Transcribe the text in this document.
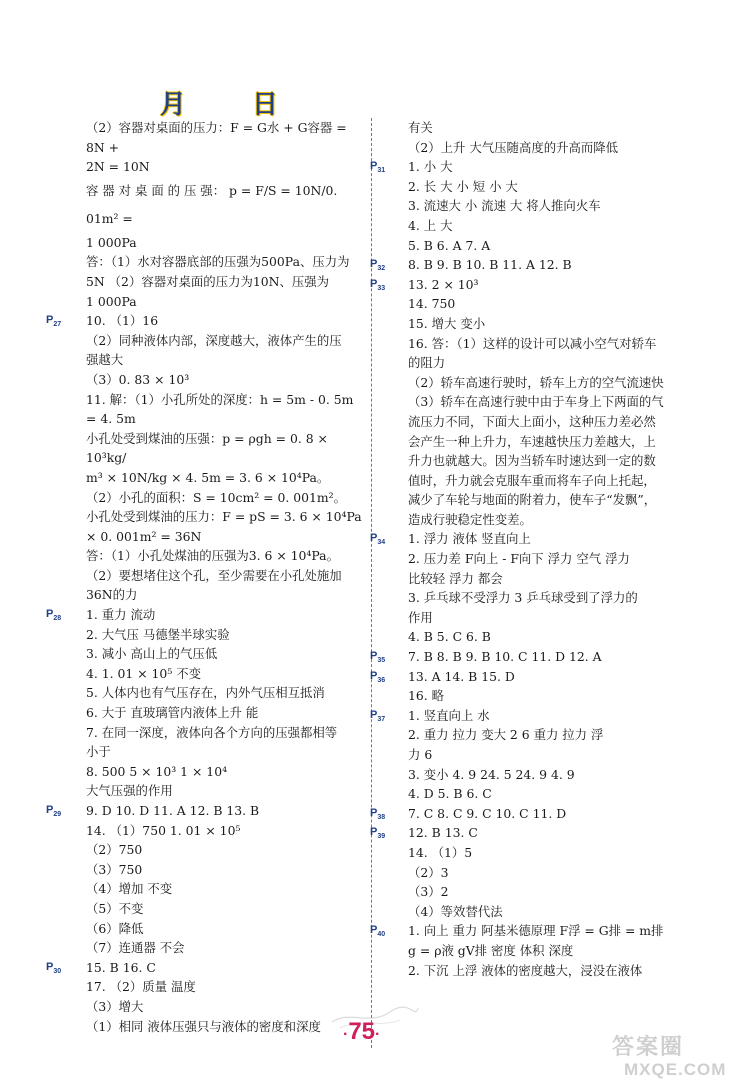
月	日
（2）容器对桌面的压力：F = G水 + G容器 = 8N +
2N = 10N
容 器 对 桌 面 的 压 强： p = F/S = 10N/0. 01m² =
1 000Pa
答：（1）水对容器底部的压强为500Pa、压力为
5N （2）容器对桌面的压力为10N、压强为
1 000Pa
$P_{27}$ 10. （1）16
（2）同种液体内部，深度越大，液体产生的压
强越大
（3）0. 83 × 10³
11. 解：（1）小孔所处的深度：h = 5m - 0. 5m
= 4. 5m
小孔处受到煤油的压强：p = ρgh = 0. 8 × 10³kg/
m³ × 10N/kg × 4. 5m = 3. 6 × 10⁴Pa。
（2）小孔的面积：S = 10cm² = 0. 001m²。
小孔处受到煤油的压力：F = pS = 3. 6 × 10⁴Pa
× 0. 001m² = 36N
答：（1）小孔处煤油的压强为3. 6 × 10⁴Pa。
（2）要想堵住这个孔，至少需要在小孔处施加
36N的力
$P_{28}$ 1. 重力 流动
2. 大气压 马德堡半球实验
3. 减小 高山上的气压低
4. 1. 01 × 10⁵ 不变
5. 人体内也有气压存在，内外气压相互抵消
6. 大于 直玻璃管内液体上升 能
7. 在同一深度，液体向各个方向的压强都相等
小于
8. 500 5 × 10³ 1 × 10⁴
大气压强的作用
$P_{29}$ 9. D 10. D 11. A 12. B 13. B
14. （1）750 1. 01 × 10⁵
（2）750
（3）750
（4）增加 不变
（5）不变
（6）降低
（7）连通器 不会
$P_{30}$ 15. B 16. C
17. （2）质量 温度
（3）增大
（1）相同 液体压强只与液体的密度和深度
有关
（2）上升 大气压随高度的升高而降低
$P_{31}$ 1. 小 大
2. 长 大 小 短 小 大
3. 流速大 小 流速 大 将人推向火车
4. 上 大
5. B 6. A 7. A
$P_{32}$ 8. B 9. B 10. B 11. A 12. B
$P_{33}$ 13. 2 × 10³
14. 750
15. 增大 变小
16. 答：（1）这样的设计可以减小空气对轿车
的阻力
（2）轿车高速行驶时，轿车上方的空气流速快
（3）轿车在高速行驶中由于车身上下两面的气
流压力不同，下面大上面小，这种压力差必然
会产生一种上升力，车速越快压力差越大，上
升力也就越大。因为当轿车时速达到一定的数
值时，升力就会克服车重而将车子向上托起，
减少了车轮与地面的附着力，使车子“发飘”，
造成行驶稳定性变差。
$P_{34}$ 1. 浮力 液体 竖直向上
2. 压力差 F向上 - F向下 浮力 空气 浮力
比较轻 浮力 都会
3. 乒乓球不受浮力 3 乒乓球受到了浮力的
作用
4. B 5. C 6. B
$P_{35}$ 7. B 8. B 9. B 10. C 11. D 12. A
$P_{36}$ 13. A 14. B 15. D
16. 略
$P_{37}$ 1. 竖直向上 水
2. 重力 拉力 变大 2 6 重力 拉力 浮
力 6
3. 变小 4. 9 24. 5 24. 9 4. 9
4. D 5. B 6. C
$P_{38}$ 7. C 8. C 9. C 10. C 11. D
$P_{39}$ 12. B 13. C
14. （1）5
（2）3
（3）2
（4）等效替代法
$P_{40}$ 1. 向上 重力 阿基米德原理 F浮 = G排 = m排
g = ρ液 gV排 密度 体积 深度
2. 下沉 上浮 液体的密度越大，浸没在液体
·75·
答案圈
MXQE.COM
